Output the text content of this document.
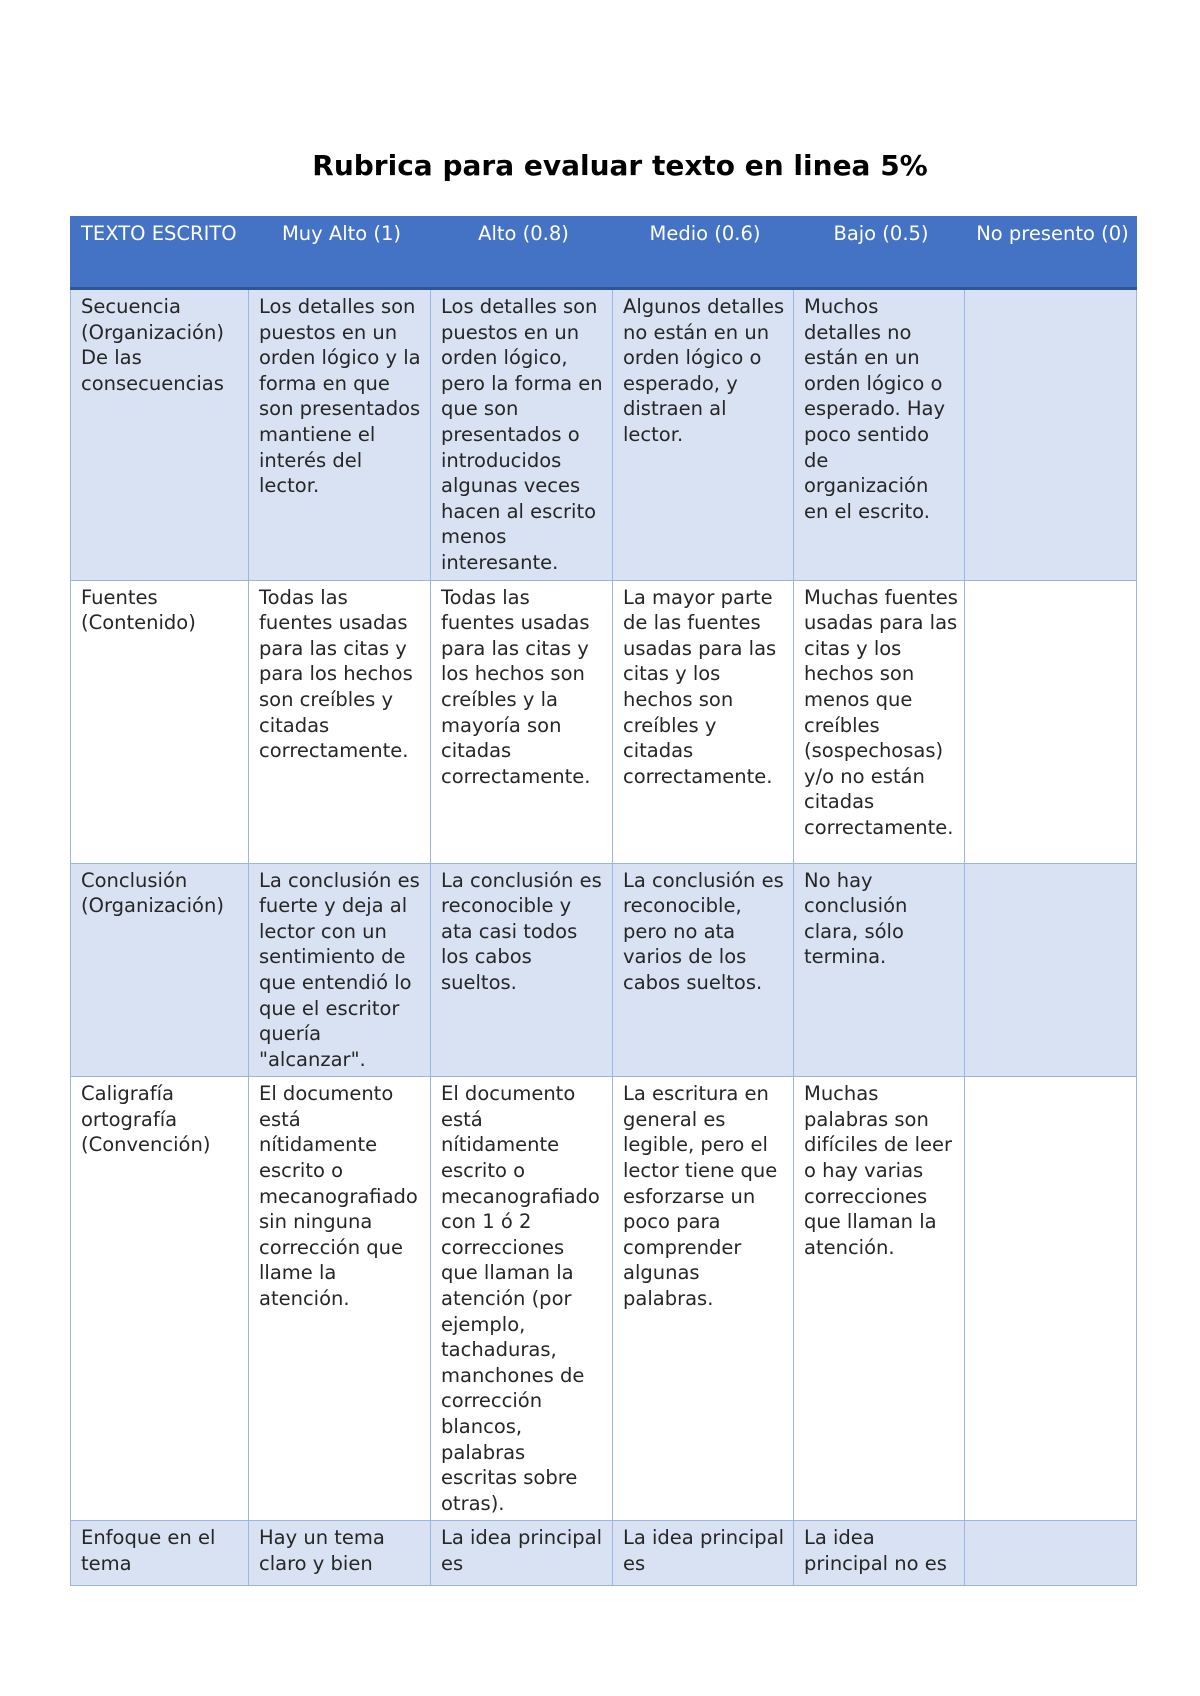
Rubrica para evaluar texto en linea 5%
TEXTO ESCRITO	Muy Alto (1)	Alto (0.8)	Medio (0.6)	Bajo (0.5)	No presento (0)
Secuencia (Organización) De las consecuencias	Los detalles son puestos en un orden lógico y la forma en que son presentados mantiene el interés del lector.	Los detalles son puestos en un orden lógico, pero la forma en que son presentados o introducidos algunas veces hacen al escrito menos interesante.	Algunos detalles no están en un orden lógico o esperado, y distraen al lector.	Muchos detalles no están en un orden lógico o esperado. Hay poco sentido de organización en el escrito.	
Fuentes (Contenido)	Todas las fuentes usadas para las citas y para los hechos son creíbles y citadas correctamente.	Todas las fuentes usadas para las citas y los hechos son creíbles y la mayoría son citadas correctamente.	La mayor parte de las fuentes usadas para las citas y los hechos son creíbles y citadas correctamente.	Muchas fuentes usadas para las citas y los hechos son menos que creíbles (sospechosas) y/o no están citadas correctamente.	
Conclusión (Organización)	La conclusión es fuerte y deja al lector con un sentimiento de que entendió lo que el escritor quería "alcanzar".	La conclusión es reconocible y ata casi todos los cabos sueltos.	La conclusión es reconocible, pero no ata varios de los cabos sueltos.	No hay conclusión clara, sólo termina.	
Caligrafía ortografía (Convención)	El documento está nítidamente escrito o mecanografiado sin ninguna corrección que llame la atención.	El documento está nítidamente escrito o mecanografiado con 1 ó 2 correcciones que llaman la atención (por ejemplo, tachaduras, manchones de corrección blancos, palabras escritas sobre otras).	La escritura en general es legible, pero el lector tiene que esforzarse un poco para comprender algunas palabras.	Muchas palabras son difíciles de leer o hay varias correcciones que llaman la atención.	
Enfoque en el tema	Hay un tema claro y bien	La idea principal es	La idea principal es	La idea principal no es	
